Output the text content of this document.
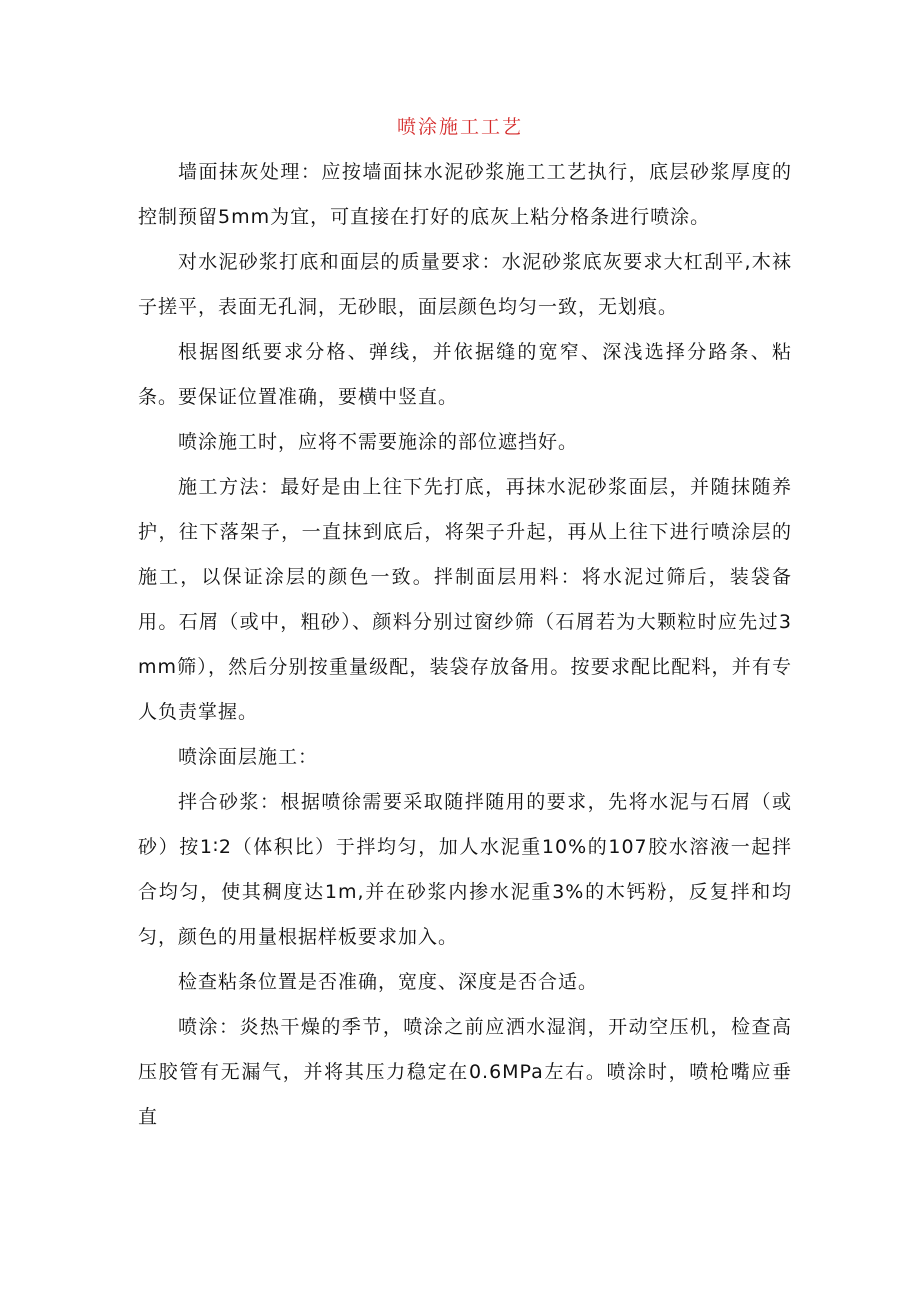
喷涂施工工艺

墙面抹灰处理：应按墙面抹水泥砂浆施工工艺执行，底层砂浆厚度的控制预留5mm为宜，可直接在打好的底灰上粘分格条进行喷涂。

对水泥砂浆打底和面层的质量要求：水泥砂浆底灰要求大杠刮平,木袜子搓平，表面无孔洞，无砂眼，面层颜色均匀一致，无划痕。

根据图纸要求分格、弹线，并依据缝的宽窄、深浅选择分路条、粘条。要保证位置准确，要横中竖直。

喷涂施工时，应将不需要施涂的部位遮挡好。

施工方法：最好是由上往下先打底，再抹水泥砂浆面层，并随抹随养护，往下落架子，一直抹到底后，将架子升起，再从上往下进行喷涂层的施工，以保证涂层的颜色一致。拌制面层用料：将水泥过筛后，装袋备用。石屑（或中，粗砂）、颜料分别过窗纱筛（石屑若为大颗粒时应先过3mm筛），然后分别按重量级配，装袋存放备用。按要求配比配料，并有专人负责掌握。

喷涂面层施工：

拌合砂浆：根据喷徐需要采取随拌随用的要求，先将水泥与石屑（或砂）按1∶2（体积比）于拌均匀，加人水泥重10%的107胶水溶液一起拌合均匀，使其稠度达1m,并在砂浆内掺水泥重3%的木钙粉，反复拌和均匀，颜色的用量根据样板要求加入。

检查粘条位置是否准确，宽度、深度是否合适。

喷涂：炎热干燥的季节，喷涂之前应洒水湿润，开动空压机，检查高压胶管有无漏气，并将其压力稳定在0.6MPa左右。喷涂时，喷枪嘴应垂直
